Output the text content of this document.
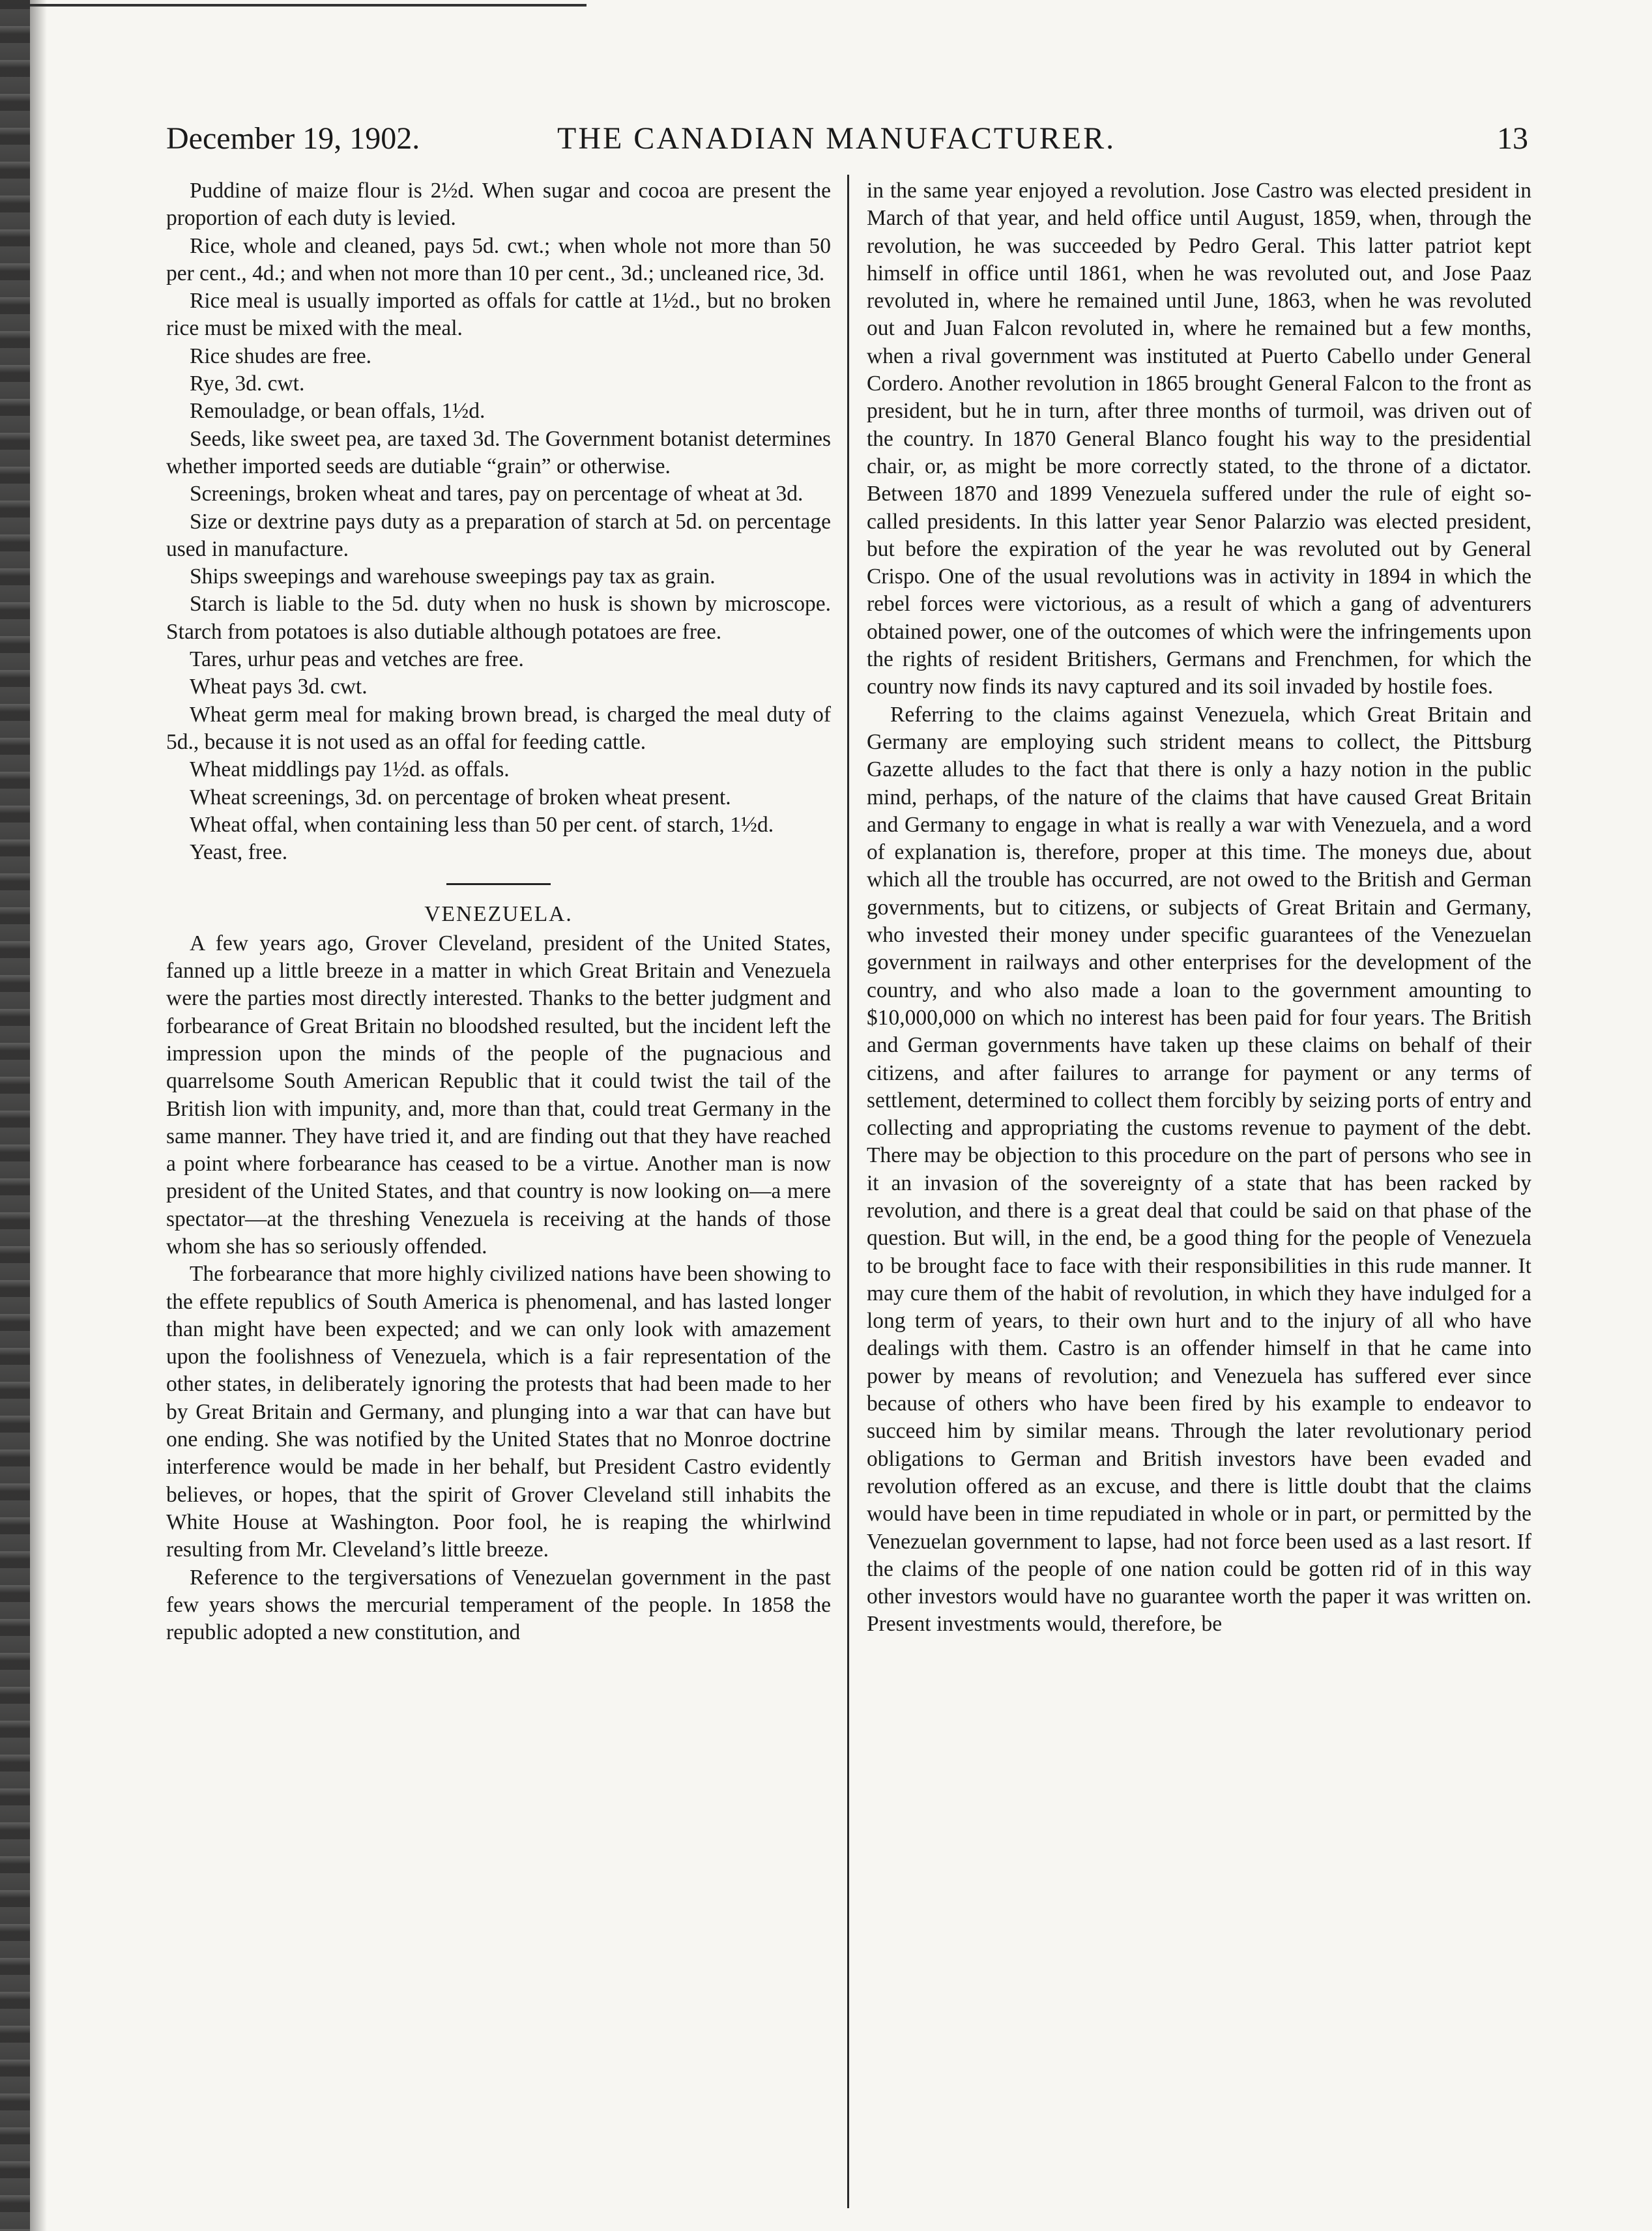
December 19, 1902.	THE CANADIAN MANUFACTURER.	13

Puddine of maize flour is 2½d. When sugar and cocoa are present the proportion of each duty is levied.

Rice, whole and cleaned, pays 5d. cwt.; when whole not more than 50 per cent., 4d.; and when not more than 10 per cent., 3d.; uncleaned rice, 3d.

Rice meal is usually imported as offals for cattle at 1½d., but no broken rice must be mixed with the meal.

Rice shudes are free.

Rye, 3d. cwt.

Remouladge, or bean offals, 1½d.

Seeds, like sweet pea, are taxed 3d. The Government botanist determines whether imported seeds are dutiable “grain” or otherwise.

Screenings, broken wheat and tares, pay on percentage of wheat at 3d.

Size or dextrine pays duty as a preparation of starch at 5d. on percentage used in manufacture.

Ships sweepings and warehouse sweepings pay tax as grain.

Starch is liable to the 5d. duty when no husk is shown by microscope. Starch from potatoes is also dutiable although potatoes are free.

Tares, urhur peas and vetches are free.

Wheat pays 3d. cwt.

Wheat germ meal for making brown bread, is charged the meal duty of 5d., because it is not used as an offal for feeding cattle.

Wheat middlings pay 1½d. as offals.

Wheat screenings, 3d. on percentage of broken wheat present.

Wheat offal, when containing less than 50 per cent. of starch, 1½d.

Yeast, free.

VENEZUELA.

A few years ago, Grover Cleveland, president of the United States, fanned up a little breeze in a matter in which Great Britain and Venezuela were the parties most directly interested. Thanks to the better judgment and forbearance of Great Britain no bloodshed resulted, but the incident left the impression upon the minds of the people of the pugnacious and quarrelsome South American Republic that it could twist the tail of the British lion with impunity, and, more than that, could treat Germany in the same manner. They have tried it, and are finding out that they have reached a point where forbearance has ceased to be a virtue. Another man is now president of the United States, and that country is now looking on—a mere spectator—at the threshing Venezuela is receiving at the hands of those whom she has so seriously offended.

The forbearance that more highly civilized nations have been showing to the effete republics of South America is phenomenal, and has lasted longer than might have been expected; and we can only look with amazement upon the foolishness of Venezuela, which is a fair representation of the other states, in deliberately ignoring the protests that had been made to her by Great Britain and Germany, and plunging into a war that can have but one ending. She was notified by the United States that no Monroe doctrine interference would be made in her behalf, but President Castro evidently believes, or hopes, that the spirit of Grover Cleveland still inhabits the White House at Washington. Poor fool, he is reaping the whirlwind resulting from Mr. Cleveland’s little breeze.

Reference to the tergiversations of Venezuelan government in the past few years shows the mercurial temperament of the people. In 1858 the republic adopted a new constitution, and

in the same year enjoyed a revolution. Jose Castro was elected president in March of that year, and held office until August, 1859, when, through the revolution, he was succeeded by Pedro Geral. This latter patriot kept himself in office until 1861, when he was revoluted out, and Jose Paaz revoluted in, where he remained until June, 1863, when he was revoluted out and Juan Falcon revoluted in, where he remained but a few months, when a rival government was instituted at Puerto Cabello under General Cordero. Another revolution in 1865 brought General Falcon to the front as president, but he in turn, after three months of turmoil, was driven out of the country. In 1870 General Blanco fought his way to the presidential chair, or, as might be more correctly stated, to the throne of a dictator. Between 1870 and 1899 Venezuela suffered under the rule of eight so-called presidents. In this latter year Senor Palarzio was elected president, but before the expiration of the year he was revoluted out by General Crispo. One of the usual revolutions was in activity in 1894 in which the rebel forces were victorious, as a result of which a gang of adventurers obtained power, one of the outcomes of which were the infringements upon the rights of resident Britishers, Germans and Frenchmen, for which the country now finds its navy captured and its soil invaded by hostile foes.

Referring to the claims against Venezuela, which Great Britain and Germany are employing such strident means to collect, the Pittsburg Gazette alludes to the fact that there is only a hazy notion in the public mind, perhaps, of the nature of the claims that have caused Great Britain and Germany to engage in what is really a war with Venezuela, and a word of explanation is, therefore, proper at this time. The moneys due, about which all the trouble has occurred, are not owed to the British and German governments, but to citizens, or subjects of Great Britain and Germany, who invested their money under specific guarantees of the Venezuelan government in railways and other enterprises for the development of the country, and who also made a loan to the government amounting to $10,000,000 on which no interest has been paid for four years. The British and German governments have taken up these claims on behalf of their citizens, and after failures to arrange for payment or any terms of settlement, determined to collect them forcibly by seizing ports of entry and collecting and appropriating the customs revenue to payment of the debt. There may be objection to this procedure on the part of persons who see in it an invasion of the sovereignty of a state that has been racked by revolution, and there is a great deal that could be said on that phase of the question. But will, in the end, be a good thing for the people of Venezuela to be brought face to face with their responsibilities in this rude manner. It may cure them of the habit of revolution, in which they have indulged for a long term of years, to their own hurt and to the injury of all who have dealings with them. Castro is an offender himself in that he came into power by means of revolution; and Venezuela has suffered ever since because of others who have been fired by his example to endeavor to succeed him by similar means. Through the later revolutionary period obligations to German and British investors have been evaded and revolution offered as an excuse, and there is little doubt that the claims would have been in time repudiated in whole or in part, or permitted by the Venezuelan government to lapse, had not force been used as a last resort. If the claims of the people of one nation could be gotten rid of in this way other investors would have no guarantee worth the paper it was written on. Present investments would, therefore, be
